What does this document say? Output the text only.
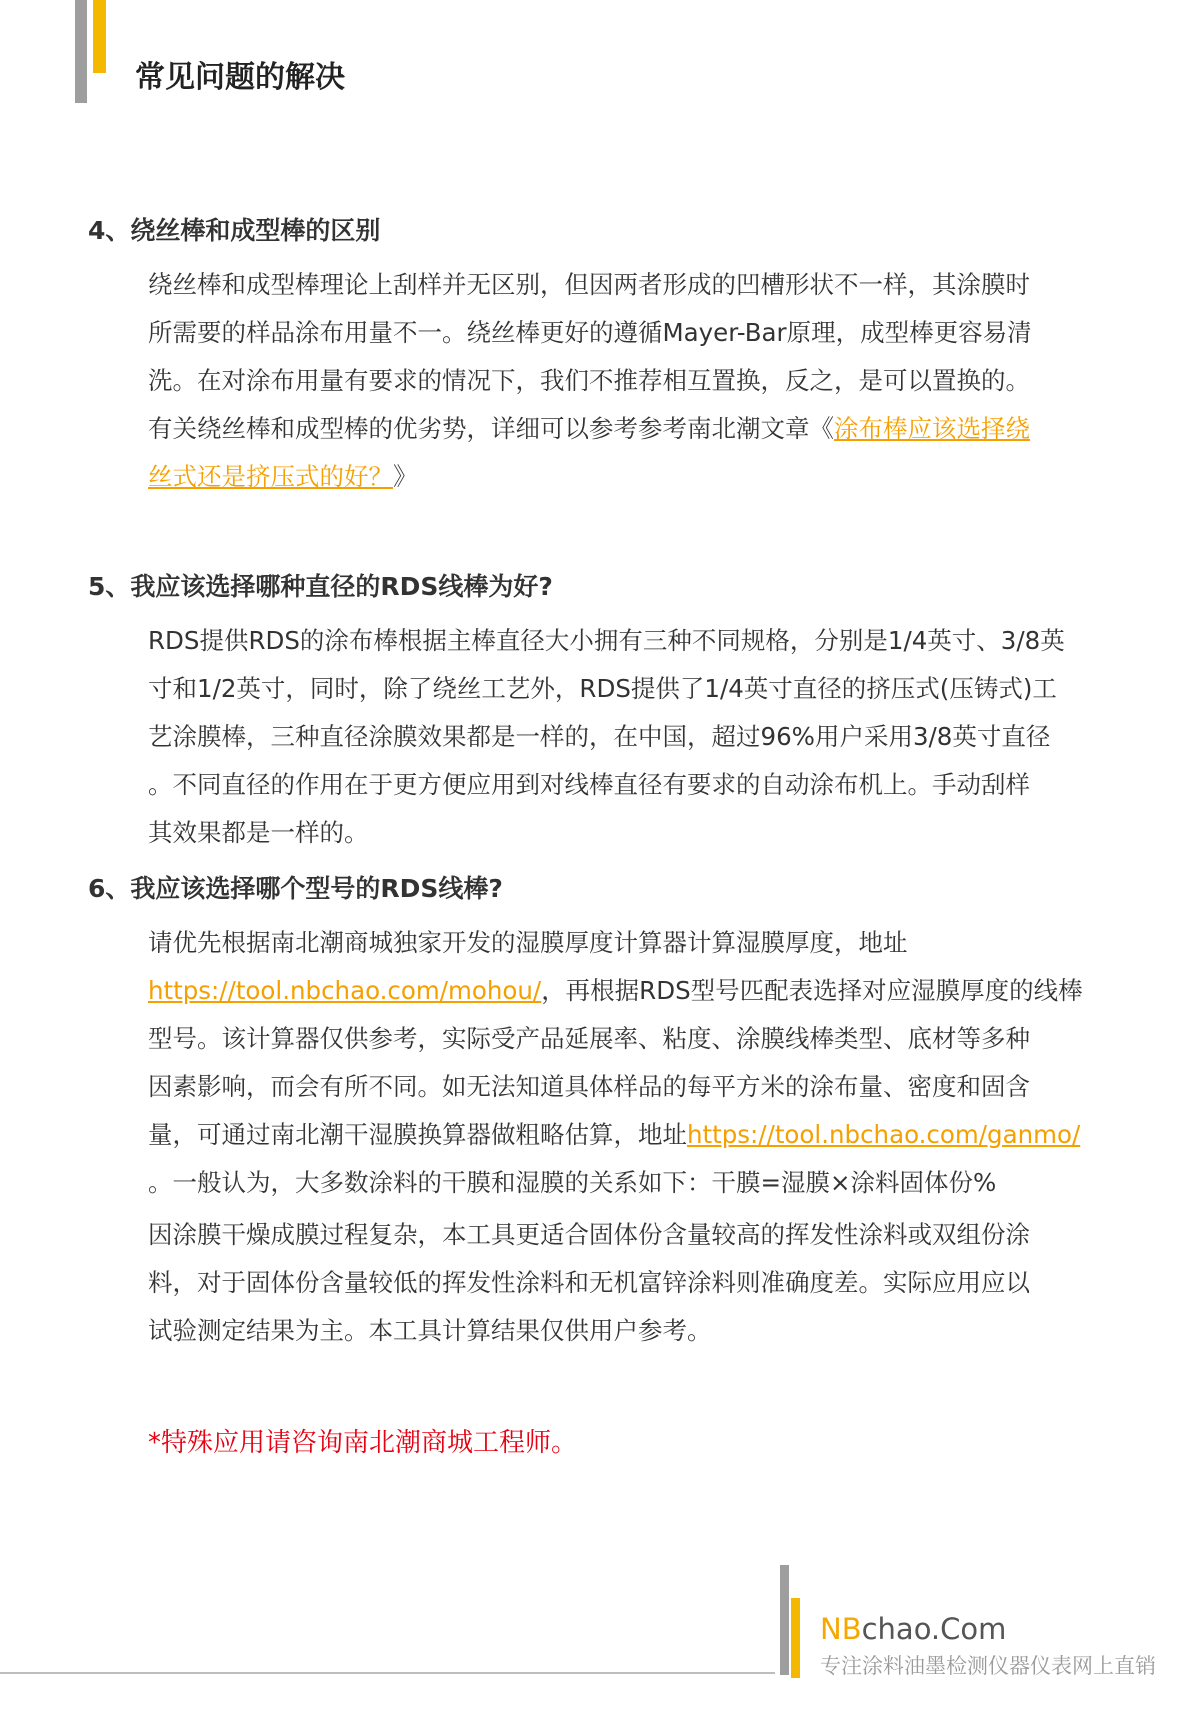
常见问题的解决
4、绕丝棒和成型棒的区别
绕丝棒和成型棒理论上刮样并无区别，但因两者形成的凹槽形状不一样，其涂膜时
所需要的样品涂布用量不一。绕丝棒更好的遵循Mayer-Bar原理，成型棒更容易清
洗。在对涂布用量有要求的情况下，我们不推荐相互置换，反之，是可以置换的。
有关绕丝棒和成型棒的优劣势，详细可以参考参考南北潮文章《涂布棒应该选择绕
丝式还是挤压式的好？》
5、我应该选择哪种直径的RDS线棒为好?
RDS提供RDS的涂布棒根据主棒直径大小拥有三种不同规格，分别是1/4英寸、3/8英
寸和1/2英寸，同时，除了绕丝工艺外，RDS提供了1/4英寸直径的挤压式(压铸式)工
艺涂膜棒，三种直径涂膜效果都是一样的，在中国，超过96%用户采用3/8英寸直径
。不同直径的作用在于更方便应用到对线棒直径有要求的自动涂布机上。手动刮样
其效果都是一样的。
6、我应该选择哪个型号的RDS线棒?
请优先根据南北潮商城独家开发的湿膜厚度计算器计算湿膜厚度，地址
https://tool.nbchao.com/mohou/，再根据RDS型号匹配表选择对应湿膜厚度的线棒
型号。该计算器仅供参考，实际受产品延展率、粘度、涂膜线棒类型、底材等多种
因素影响，而会有所不同。如无法知道具体样品的每平方米的涂布量、密度和固含
量，可通过南北潮干湿膜换算器做粗略估算，地址https://tool.nbchao.com/ganmo/
。一般认为，大多数涂料的干膜和湿膜的关系如下：干膜=湿膜×涂料固体份%
因涂膜干燥成膜过程复杂，本工具更适合固体份含量较高的挥发性涂料或双组份涂
料，对于固体份含量较低的挥发性涂料和无机富锌涂料则准确度差。实际应用应以
试验测定结果为主。本工具计算结果仅供用户参考。

*特殊应用请咨询南北潮商城工程师。

NBchao.Com

专注涂料油墨检测仪器仪表网上直销
